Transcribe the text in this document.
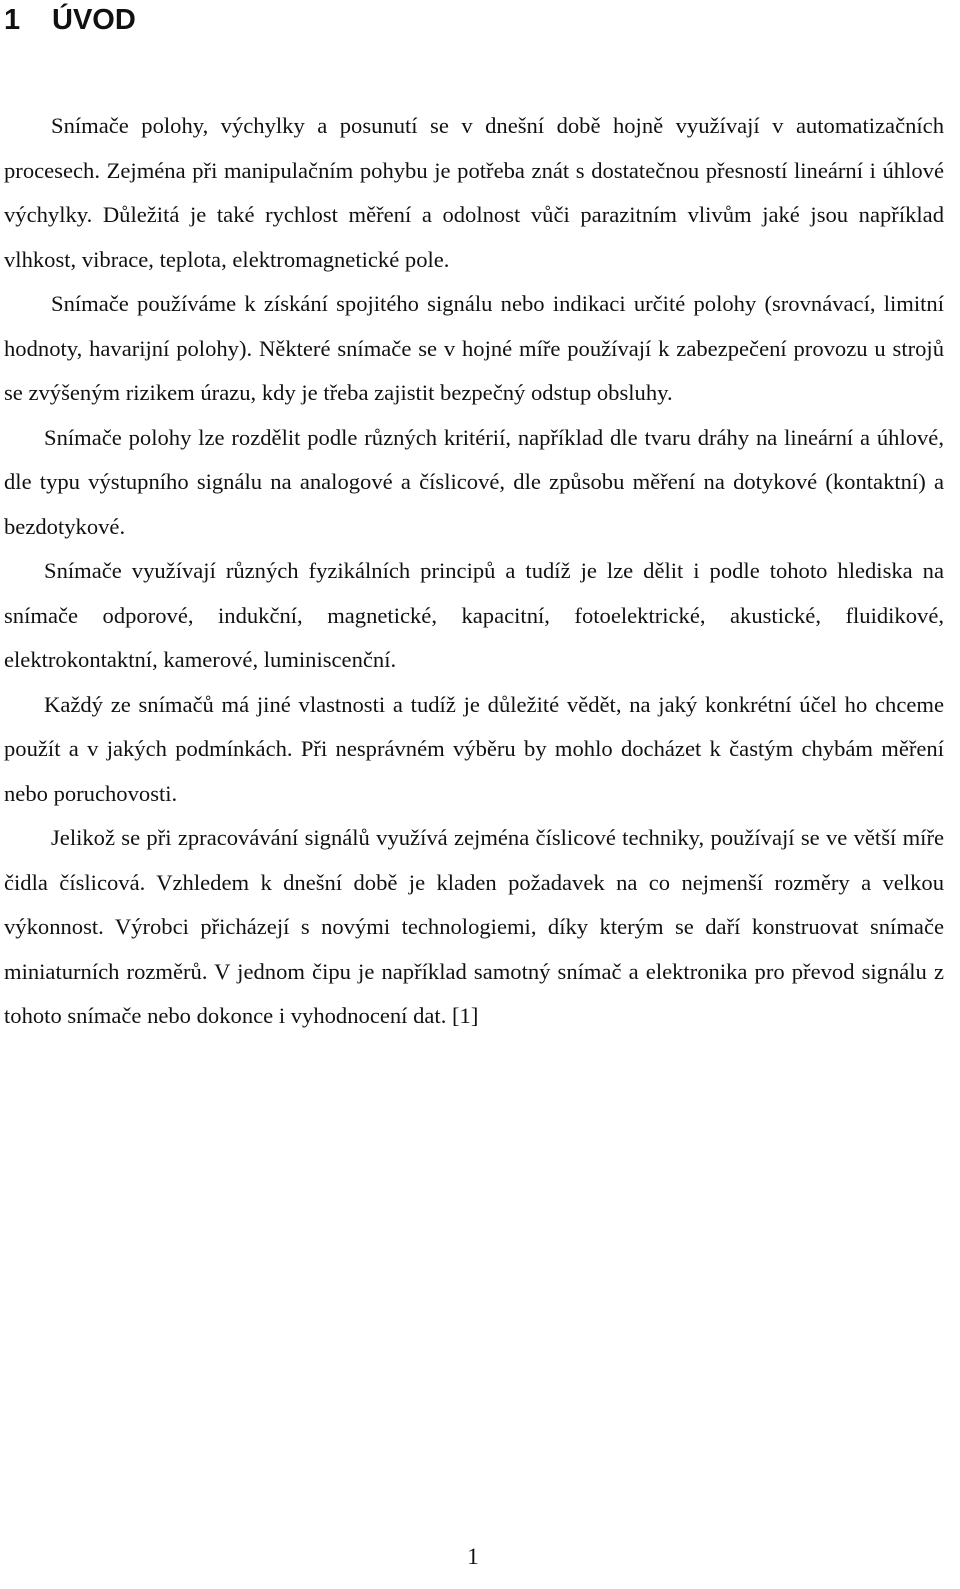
1 ÚVOD

Snímače polohy, výchylky a posunutí se v dnešní době hojně využívají v automatizačních procesech. Zejména při manipulačním pohybu je potřeba znát s dostatečnou přesností lineární i úhlové výchylky. Důležitá je také rychlost měření a odolnost vůči parazitním vlivům jaké jsou například vlhkost, vibrace, teplota, elektromagnetické pole.

Snímače používáme k získání spojitého signálu nebo indikaci určité polohy (srovnávací, limitní hodnoty, havarijní polohy). Některé snímače se v hojné míře používají k zabezpečení provozu u strojů se zvýšeným rizikem úrazu, kdy je třeba zajistit bezpečný odstup obsluhy.

Snímače polohy lze rozdělit podle různých kritérií, například dle tvaru dráhy na lineární a úhlové, dle typu výstupního signálu na analogové a číslicové, dle způsobu měření na dotykové (kontaktní) a bezdotykové.

Snímače využívají různých fyzikálních principů a tudíž je lze dělit i podle tohoto hlediska na snímače odporové, indukční, magnetické, kapacitní, fotoelektrické, akustické, fluidikové, elektrokontaktní, kamerové, luminiscenční.

Každý ze snímačů má jiné vlastnosti a tudíž je důležité vědět, na jaký konkrétní účel ho chceme použít a v jakých podmínkách. Při nesprávném výběru by mohlo docházet k častým chybám měření nebo poruchovosti.

Jelikož se při zpracovávání signálů využívá zejména číslicové techniky, používají se ve větší míře čidla číslicová. Vzhledem k dnešní době je kladen požadavek na co nejmenší rozměry a velkou výkonnost. Výrobci přicházejí s novými technologiemi, díky kterým se daří konstruovat snímače miniaturních rozměrů. V jednom čipu je například samotný snímač a elektronika pro převod signálu z tohoto snímače nebo dokonce i vyhodnocení dat. [1]

1
